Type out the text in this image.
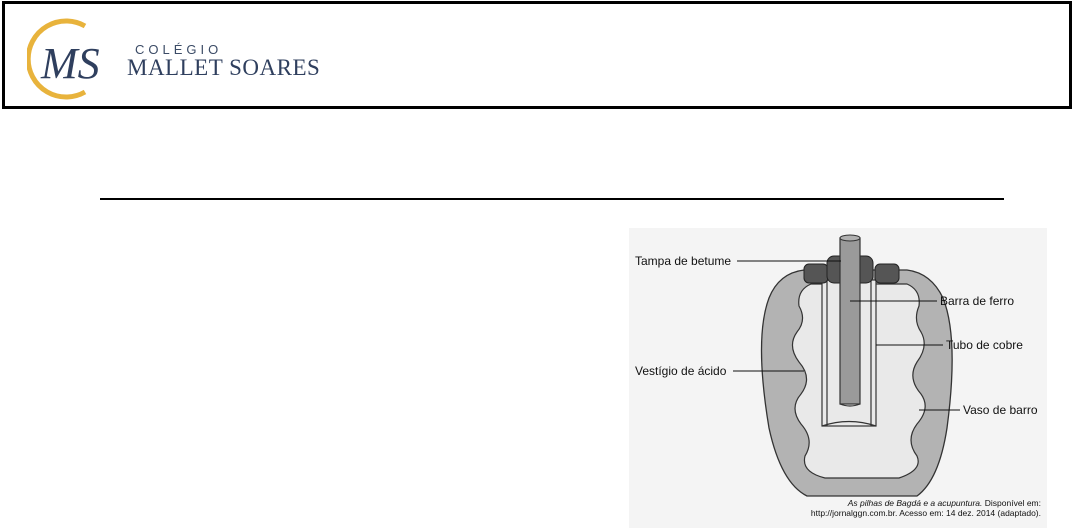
MS	COLÉGIO
MALLET SOARES
Tampa de betume
Barra de ferro
Tubo de cobre
Vestígio de ácido
Vaso de barro
As pilhas de Bagdá e a acupuntura. Disponível em:
http://jornalggn.com.br. Acesso em: 14 dez. 2014 (adaptado).
